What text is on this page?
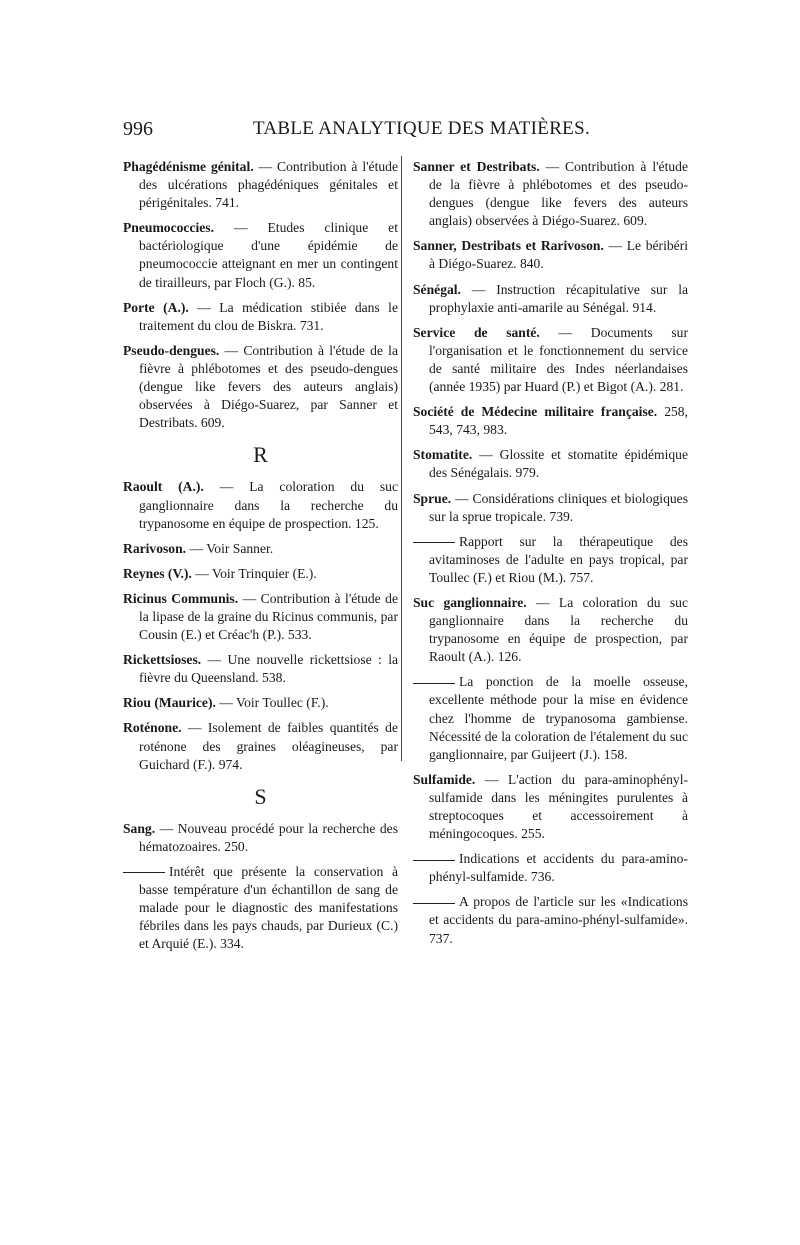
996	TABLE ANALYTIQUE DES MATIÈRES.

Phagédénisme génital. — Contribution à l'étude des ulcérations phagédéniques génitales et périgénitales. 741.

Pneumococcies. — Etudes clinique et bactériologique d'une épidémie de pneumococcie atteignant en mer un contingent de tirailleurs, par Floch (G.). 85.

Porte (A.). — La médication stibiée dans le traitement du clou de Biskra. 731.

Pseudo-dengues. — Contribution à l'étude de la fièvre à phlébotomes et des pseudo-dengues (dengue like fevers des auteurs anglais) observées à Diégo-Suarez, par Sanner et Destribats. 609.

R

Raoult (A.). — La coloration du suc ganglionnaire dans la recherche du trypanosome en équipe de prospection. 125.

Rarivoson. — Voir Sanner.

Reynes (V.). — Voir Trinquier (E.).

Ricinus Communis. — Contribution à l'étude de la lipase de la graine du Ricinus communis, par Cousin (E.) et Créac'h (P.). 533.

Rickettsioses. — Une nouvelle rickettsiose : la fièvre du Queensland. 538.

Riou (Maurice). — Voir Toullec (F.).

Roténone. — Isolement de faibles quantités de roténone des graines oléagineuses, par Guichard (F.). 974.

S

Sang. — Nouveau procédé pour la recherche des hématozoaires. 250.

Intérêt que présente la conservation à basse température d'un échantillon de sang de malade pour le diagnostic des manifestations fébriles dans les pays chauds, par Durieux (C.) et Arquié (E.). 334.

Sanner et Destribats. — Contribution à l'étude de la fièvre à phlébotomes et des pseudo-dengues (dengue like fevers des auteurs anglais) observées à Diégo-Suarez. 609.

Sanner, Destribats et Rarivoson. — Le béribéri à Diégo-Suarez. 840.

Sénégal. — Instruction récapitulative sur la prophylaxie anti-amarile au Sénégal. 914.

Service de santé. — Documents sur l'organisation et le fonctionnement du service de santé militaire des Indes néerlandaises (année 1935) par Huard (P.) et Bigot (A.). 281.

Société de Médecine militaire française. 258, 543, 743, 983.

Stomatite. — Glossite et stomatite épidémique des Sénégalais. 979.

Sprue. — Considérations cliniques et biologiques sur la sprue tropicale. 739.

Rapport sur la thérapeutique des avitaminoses de l'adulte en pays tropical, par Toullec (F.) et Riou (M.). 757.

Suc ganglionnaire. — La coloration du suc ganglionnaire dans la recherche du trypanosome en équipe de prospection, par Raoult (A.). 126.

La ponction de la moelle osseuse, excellente méthode pour la mise en évidence chez l'homme de trypanosoma gambiense. Nécessité de la coloration de l'étalement du suc ganglionnaire, par Guijeert (J.). 158.

Sulfamide. — L'action du para-aminophényl-sulfamide dans les méningites purulentes à streptocoques et accessoirement à méningocoques. 255.

Indications et accidents du para-amino-phényl-sulfamide. 736.

A propos de l'article sur les «Indications et accidents du para-amino-phényl-sulfamide». 737.
